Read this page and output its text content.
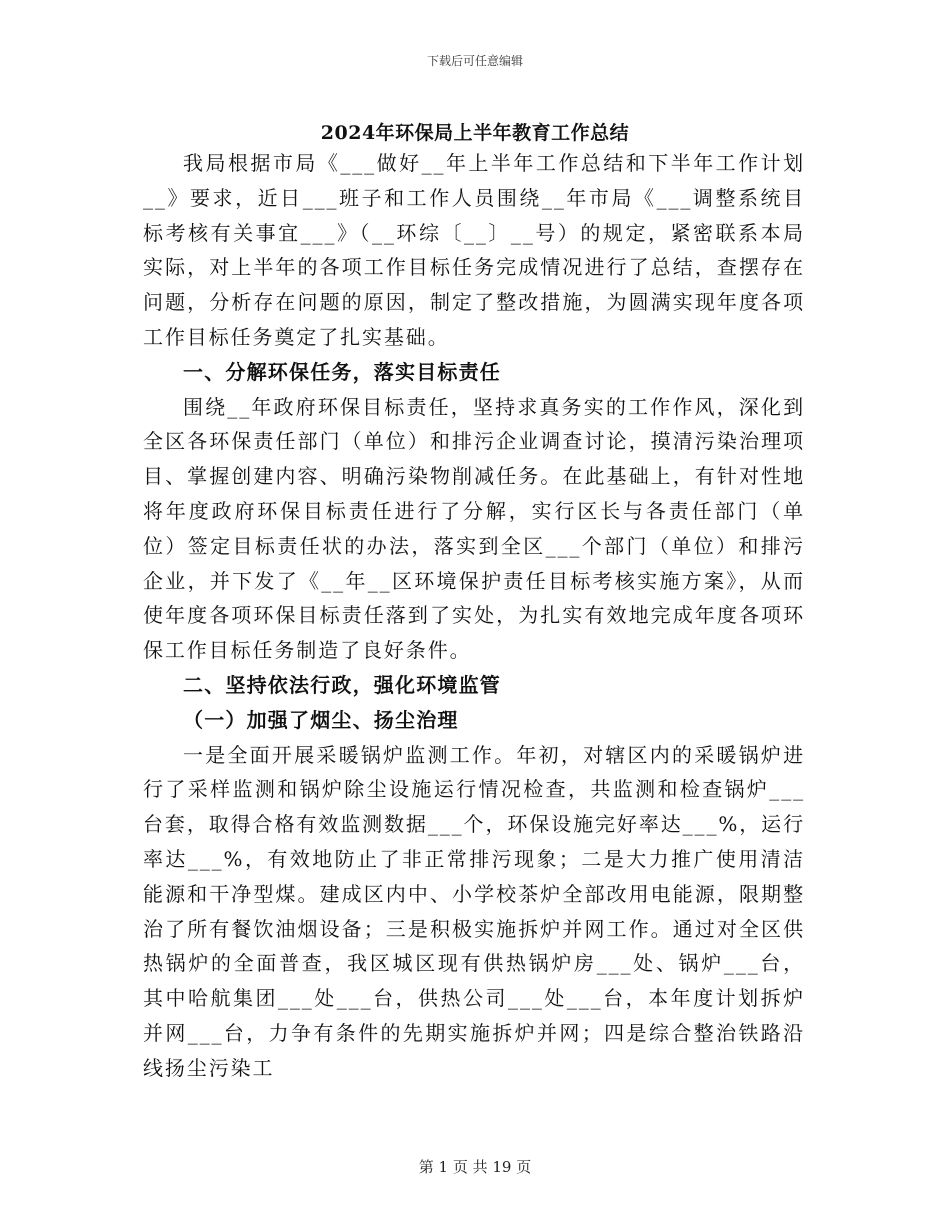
下载后可任意编辑
2024年环保局上半年教育工作总结

我局根据市局《___做好__年上半年工作总结和下半年工作计划__》要求，近日___班子和工作人员围绕__年市局《___调整系统目标考核有关事宜___》（__环综〔__〕__号）的规定，紧密联系本局实际，对上半年的各项工作目标任务完成情况进行了总结，查摆存在问题，分析存在问题的原因，制定了整改措施，为圆满实现年度各项工作目标任务奠定了扎实基础。

一、分解环保任务，落实目标责任

围绕__年政府环保目标责任，坚持求真务实的工作作风，深化到全区各环保责任部门（单位）和排污企业调查讨论，摸清污染治理项目、掌握创建内容、明确污染物削减任务。在此基础上，有针对性地将年度政府环保目标责任进行了分解，实行区长与各责任部门（单位）签定目标责任状的办法，落实到全区___个部门（单位）和排污企业，并下发了《__年__区环境保护责任目标考核实施方案》，从而使年度各项环保目标责任落到了实处，为扎实有效地完成年度各项环保工作目标任务制造了良好条件。

二、坚持依法行政，强化环境监管

（一）加强了烟尘、扬尘治理

一是全面开展采暖锅炉监测工作。年初，对辖区内的采暖锅炉进行了采样监测和锅炉除尘设施运行情况检查，共监测和检查锅炉___台套，取得合格有效监测数据___个，环保设施完好率达___%，运行率达___%，有效地防止了非正常排污现象；二是大力推广使用清洁能源和干净型煤。建成区内中、小学校茶炉全部改用电能源，限期整治了所有餐饮油烟设备；三是积极实施拆炉并网工作。通过对全区供热锅炉的全面普查，我区城区现有供热锅炉房___处、锅炉___台，其中哈航集团___处___台，供热公司___处___台，本年度计划拆炉并网___台，力争有条件的先期实施拆炉并网；四是综合整治铁路沿线扬尘污染工

第 1 页 共 19 页
